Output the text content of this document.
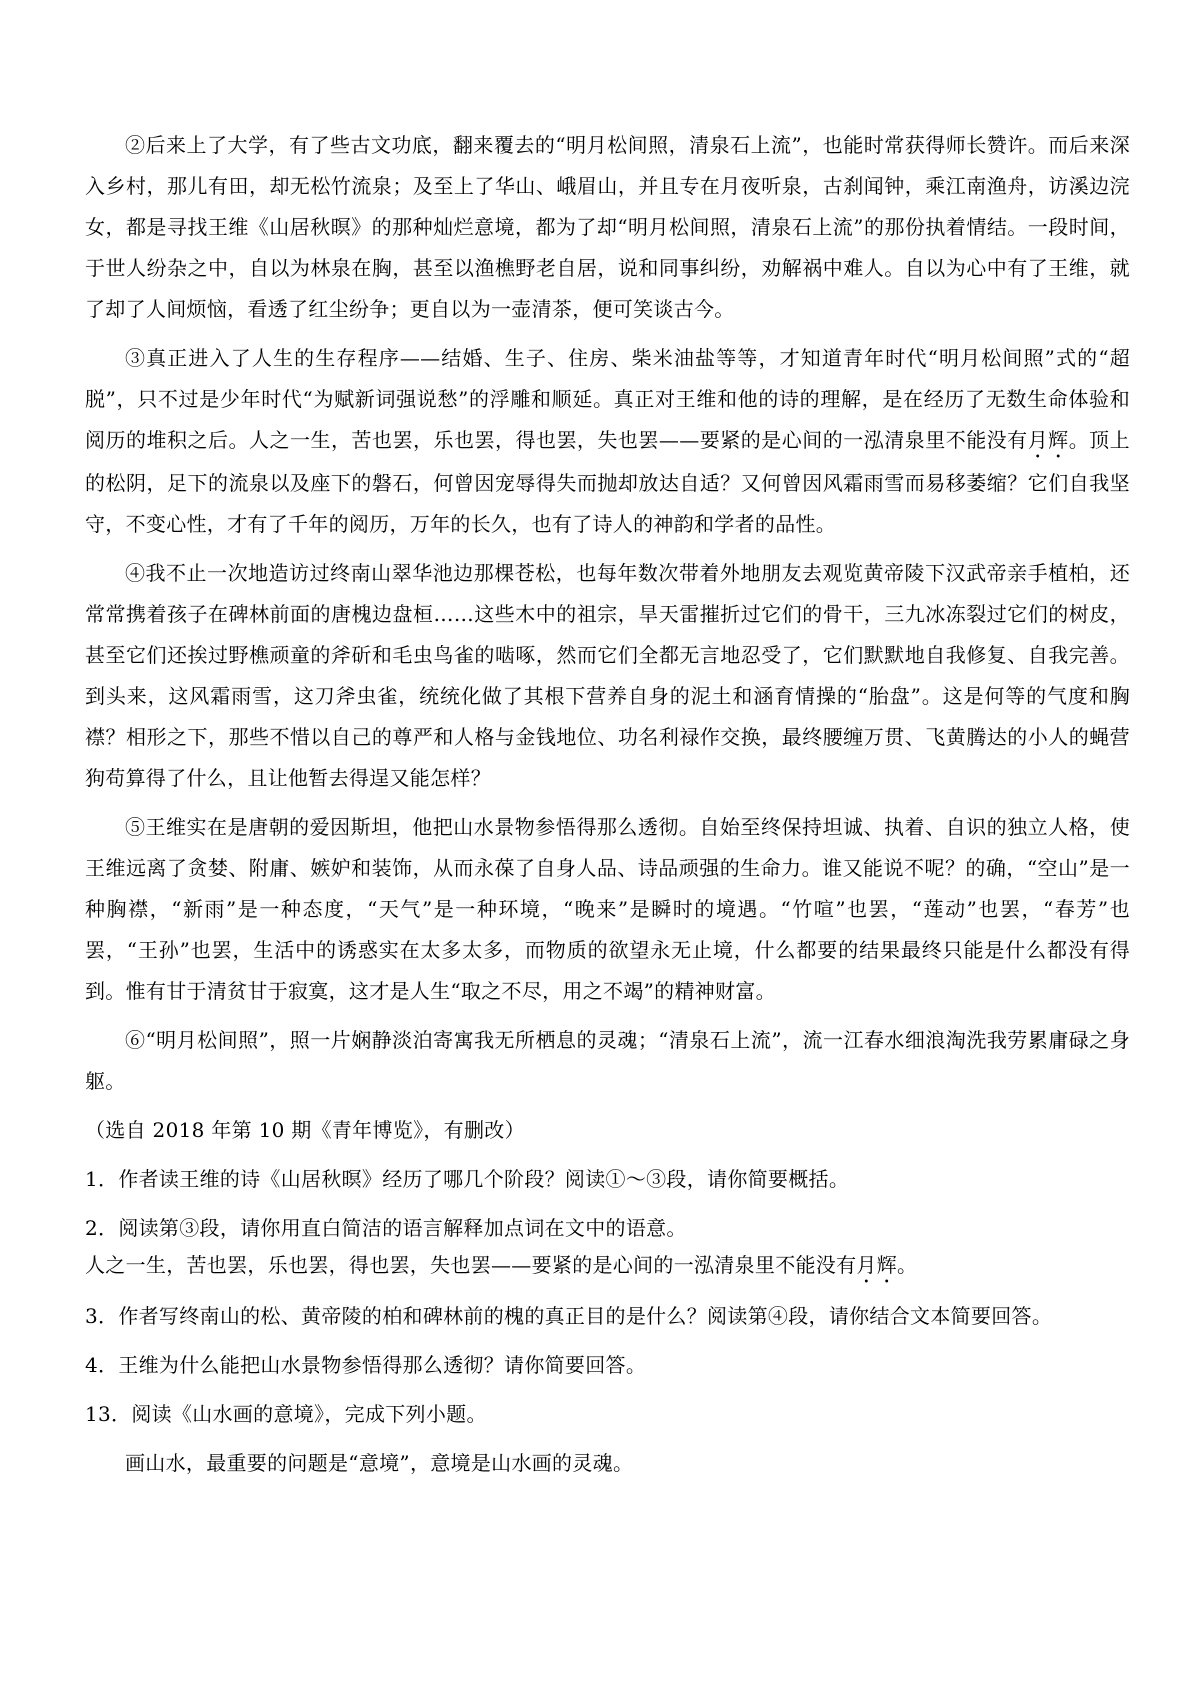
②后来上了大学，有了些古文功底，翻来覆去的“明月松间照，清泉石上流”，也能时常获得师长赞许。而后来深入乡村，那儿有田，却无松竹流泉；及至上了华山、峨眉山，并且专在月夜听泉，古刹闻钟，乘江南渔舟，访溪边浣女，都是寻找王维《山居秋暝》的那种灿烂意境，都为了却“明月松间照，清泉石上流”的那份执着情结。一段时间，于世人纷杂之中，自以为林泉在胸，甚至以渔樵野老自居，说和同事纠纷，劝解祸中难人。自以为心中有了王维，就了却了人间烦恼，看透了红尘纷争；更自以为一壶清茶，便可笑谈古今。

③真正进入了人生的生存程序——结婚、生子、住房、柴米油盐等等，才知道青年时代“明月松间照”式的“超脱”，只不过是少年时代“为赋新词强说愁”的浮雕和顺延。真正对王维和他的诗的理解，是在经历了无数生命体验和阅历的堆积之后。人之一生，苦也罢，乐也罢，得也罢，失也罢——要紧的是心间的一泓清泉里不能没有月辉。顶上的松阴，足下的流泉以及座下的磐石，何曾因宠辱得失而抛却放达自适？又何曾因风霜雨雪而易移萎缩？它们自我坚守，不变心性，才有了千年的阅历，万年的长久，也有了诗人的神韵和学者的品性。

④我不止一次地造访过终南山翠华池边那棵苍松，也每年数次带着外地朋友去观览黄帝陵下汉武帝亲手植柏，还常常携着孩子在碑林前面的唐槐边盘桓……这些木中的祖宗，旱天雷摧折过它们的骨干，三九冰冻裂过它们的树皮，甚至它们还挨过野樵顽童的斧斫和毛虫鸟雀的啮啄，然而它们全都无言地忍受了，它们默默地自我修复、自我完善。到头来，这风霜雨雪，这刀斧虫雀，统统化做了其根下营养自身的泥土和涵育情操的“胎盘”。这是何等的气度和胸襟？相形之下，那些不惜以自己的尊严和人格与金钱地位、功名利禄作交换，最终腰缠万贯、飞黄腾达的小人的蝇营狗苟算得了什么，且让他暂去得逞又能怎样？

⑤王维实在是唐朝的爱因斯坦，他把山水景物参悟得那么透彻。自始至终保持坦诚、执着、自识的独立人格，使王维远离了贪婪、附庸、嫉妒和装饰，从而永葆了自身人品、诗品顽强的生命力。谁又能说不呢？的确，“空山”是一种胸襟，“新雨”是一种态度，“天气”是一种环境，“晚来”是瞬时的境遇。“竹喧”也罢，“莲动”也罢，“春芳”也罢，“王孙”也罢，生活中的诱惑实在太多太多，而物质的欲望永无止境，什么都要的结果最终只能是什么都没有得到。惟有甘于清贫甘于寂寞，这才是人生“取之不尽，用之不竭”的精神财富。

⑥“明月松间照”，照一片娴静淡泊寄寓我无所栖息的灵魂；“清泉石上流”，流一江春水细浪淘洗我劳累庸碌之身躯。

（选自 2018 年第 10 期《青年博览》，有删改）

1．作者读王维的诗《山居秋暝》经历了哪几个阶段？阅读①～③段，请你简要概括。

2．阅读第③段，请你用直白简洁的语言解释加点词在文中的语意。

人之一生，苦也罢，乐也罢，得也罢，失也罢——要紧的是心间的一泓清泉里不能没有月辉。

3．作者写终南山的松、黄帝陵的柏和碑林前的槐的真正目的是什么？阅读第④段，请你结合文本简要回答。

4．王维为什么能把山水景物参悟得那么透彻？请你简要回答。

13．阅读《山水画的意境》，完成下列小题。

画山水，最重要的问题是“意境”，意境是山水画的灵魂。
